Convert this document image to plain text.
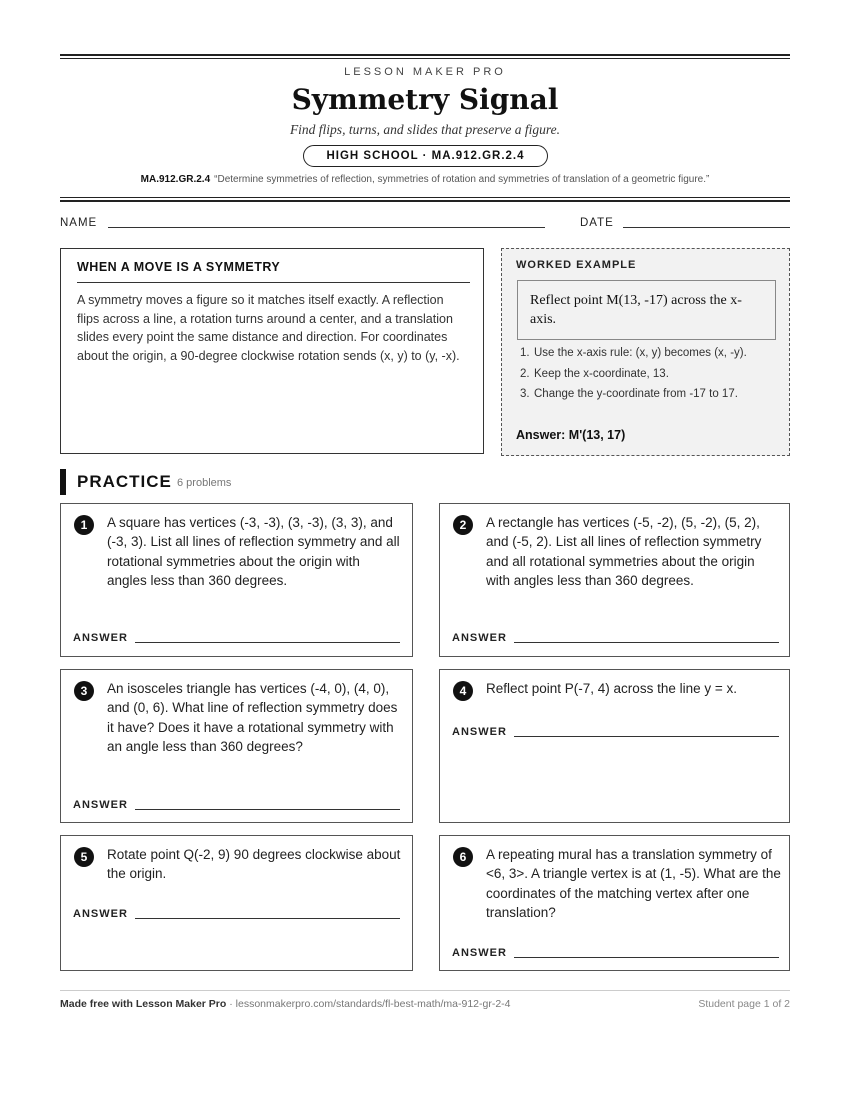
LESSON MAKER PRO
Symmetry Signal
Find flips, turns, and slides that preserve a figure.
HIGH SCHOOL · MA.912.GR.2.4
MA.912.GR.2.4 “Determine symmetries of reflection, symmetries of rotation and symmetries of translation of a geometric figure.”
NAME	DATE
WHEN A MOVE IS A SYMMETRY
A symmetry moves a figure so it matches itself exactly. A reflection flips across a line, a rotation turns around a center, and a translation slides every point the same distance and direction. For coordinates about the origin, a 90-degree clockwise rotation sends (x, y) to (y, -x).
WORKED EXAMPLE
Reflect point M(13, -17) across the x-axis.
1. Use the x-axis rule: (x, y) becomes (x, -y).
2. Keep the x-coordinate, 13.
3. Change the y-coordinate from -17 to 17.
Answer: M'(13, 17)
PRACTICE 6 problems
1	A square has vertices (-3, -3), (3, -3), (3, 3), and (-3, 3). List all lines of reflection symmetry and all rotational symmetries about the origin with angles less than 360 degrees.
ANSWER
2	A rectangle has vertices (-5, -2), (5, -2), (5, 2), and (-5, 2). List all lines of reflection symmetry and all rotational symmetries about the origin with angles less than 360 degrees.
ANSWER
3	An isosceles triangle has vertices (-4, 0), (4, 0), and (0, 6). What line of reflection symmetry does it have? Does it have a rotational symmetry with an angle less than 360 degrees?
ANSWER
4	Reflect point P(-7, 4) across the line y = x.
ANSWER
5	Rotate point Q(-2, 9) 90 degrees clockwise about the origin.
ANSWER
6	A repeating mural has a translation symmetry of <6, 3>. A triangle vertex is at (1, -5). What are the coordinates of the matching vertex after one translation?
ANSWER
Made free with Lesson Maker Pro · lessonmakerpro.com/standards/fl-best-math/ma-912-gr-2-4	Student page 1 of 2
